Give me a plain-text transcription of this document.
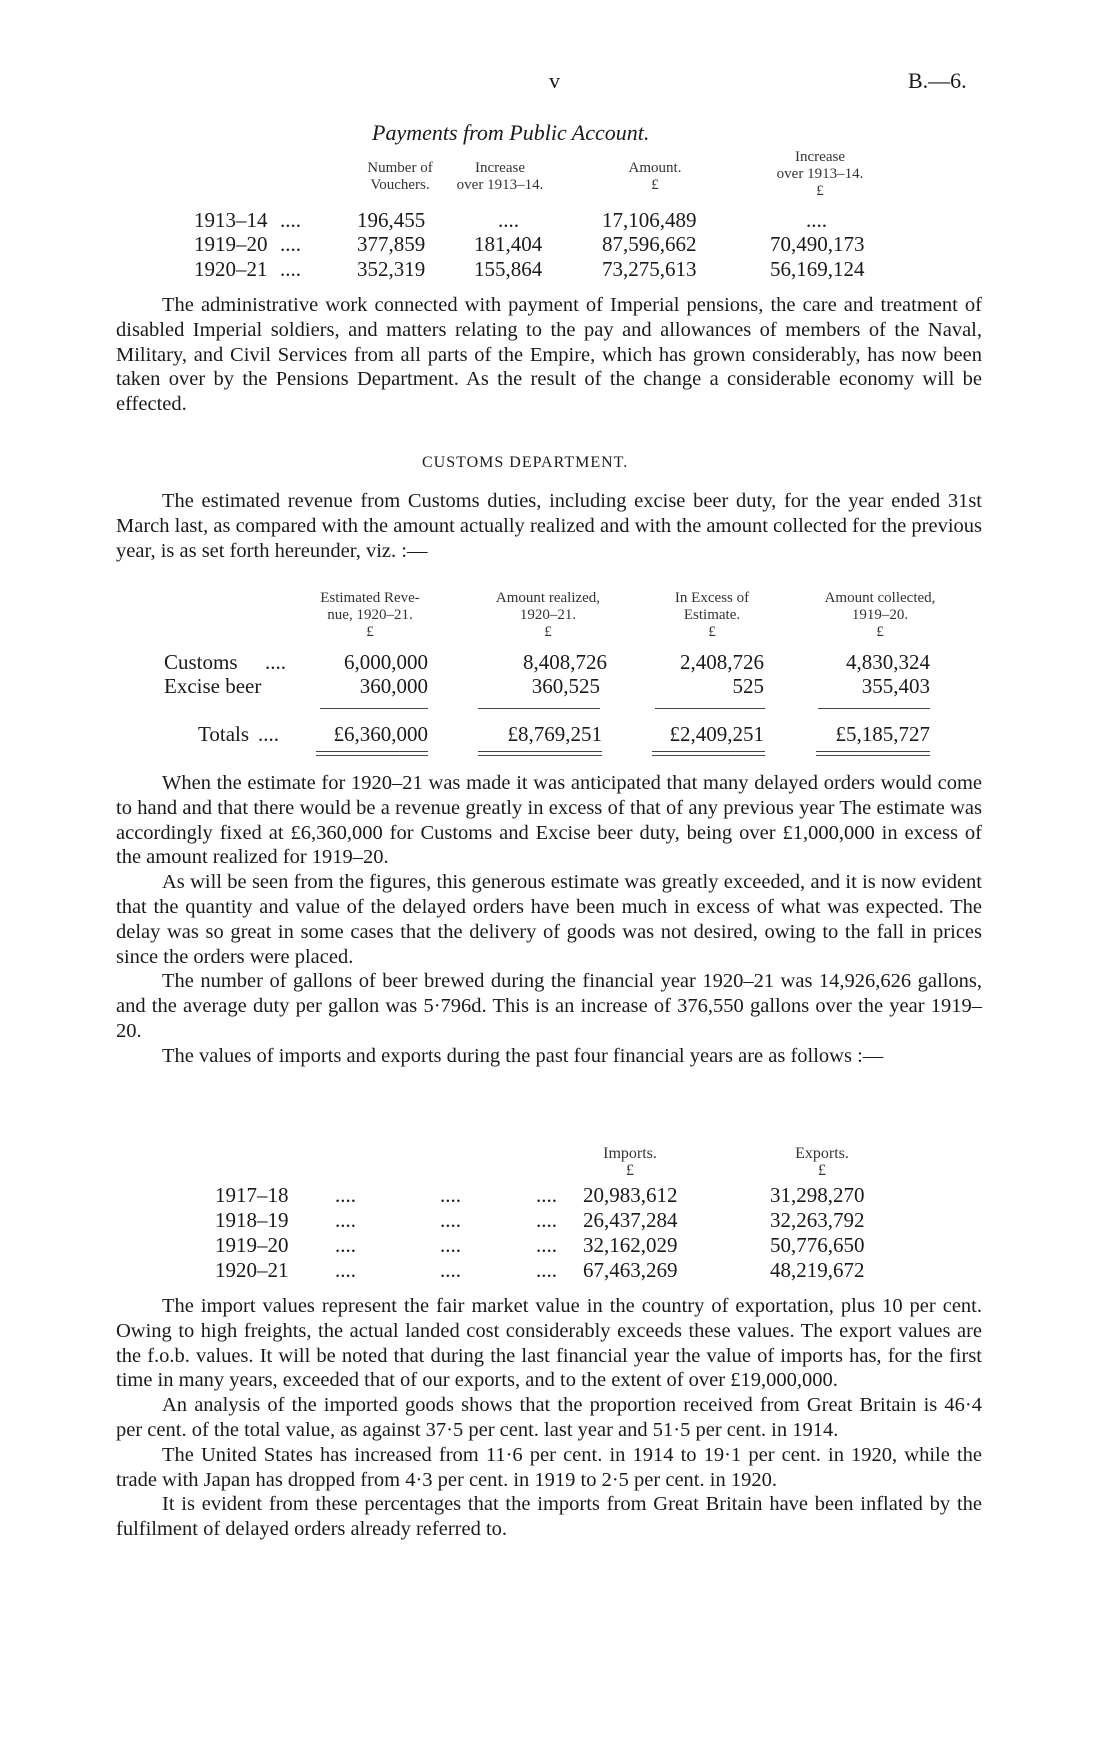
v	B.—6.
Payments from Public Account.
Number of
Vouchers.
Increase
over 1913–14.
Amount.
£
Increase
over 1913–14.
£
1913–14 ....	196,455	....	17,106,489	....
1919–20 ....	377,859 181,404	87,596,662	70,490,173
1920–21 ....	352,319 155,864	73,275,613	56,169,124

The administrative work connected with payment of Imperial pensions, the care and treatment of disabled Imperial soldiers, and matters relating to the pay and allowances of members of the Naval, Military, and Civil Services from all parts of the Empire, which has grown considerably, has now been taken over by the Pensions Department. As the result of the change a considerable economy will be effected.

CUSTOMS DEPARTMENT.

The estimated revenue from Customs duties, including excise beer duty, for the year ended 31st March last, as compared with the amount actually realized and with the amount collected for the previous year, is as set forth hereunder, viz. :—

Estimated Reve-
nue, 1920–21.
£
Amount realized,
1920–21.
£
In Excess of
Estimate.
£
Amount collected,
1919–20.
£
Customs ....	6,000,000	8,408,726	2,408,726	4,830,324
Excise beer	360,000	360,525	525	355,403
Totals ....	£6,360,000	£8,769,251	£2,409,251	£5,185,727

When the estimate for 1920–21 was made it was anticipated that many delayed orders would come to hand and that there would be a revenue greatly in excess of that of any previous year The estimate was accordingly fixed at £6,360,000 for Customs and Excise beer duty, being over £1,000,000 in excess of the amount realized for 1919–20.

As will be seen from the figures, this generous estimate was greatly exceeded, and it is now evident that the quantity and value of the delayed orders have been much in excess of what was expected. The delay was so great in some cases that the delivery of goods was not desired, owing to the fall in prices since the orders were placed.

The number of gallons of beer brewed during the financial year 1920–21 was 14,926,626 gallons, and the average duty per gallon was 5·796d. This is an increase of 376,550 gallons over the year 1919–20.

The values of imports and exports during the past four financial years are as follows :—

Imports.
£
Exports.
£
1917–18 ....	....	.... 20,983,612	31,298,270
1918–19 ....	....	.... 26,437,284	32,263,792
1919–20 ....	....	.... 32,162,029	50,776,650
1920–21 ....	....	.... 67,463,269	48,219,672

The import values represent the fair market value in the country of exportation, plus 10 per cent. Owing to high freights, the actual landed cost considerably exceeds these values. The export values are the f.o.b. values. It will be noted that during the last financial year the value of imports has, for the first time in many years, exceeded that of our exports, and to the extent of over £19,000,000.

An analysis of the imported goods shows that the proportion received from Great Britain is 46·4 per cent. of the total value, as against 37·5 per cent. last year and 51·5 per cent. in 1914.

The United States has increased from 11·6 per cent. in 1914 to 19·1 per cent. in 1920, while the trade with Japan has dropped from 4·3 per cent. in 1919 to 2·5 per cent. in 1920.

It is evident from these percentages that the imports from Great Britain have been inflated by the fulfilment of delayed orders already referred to.
